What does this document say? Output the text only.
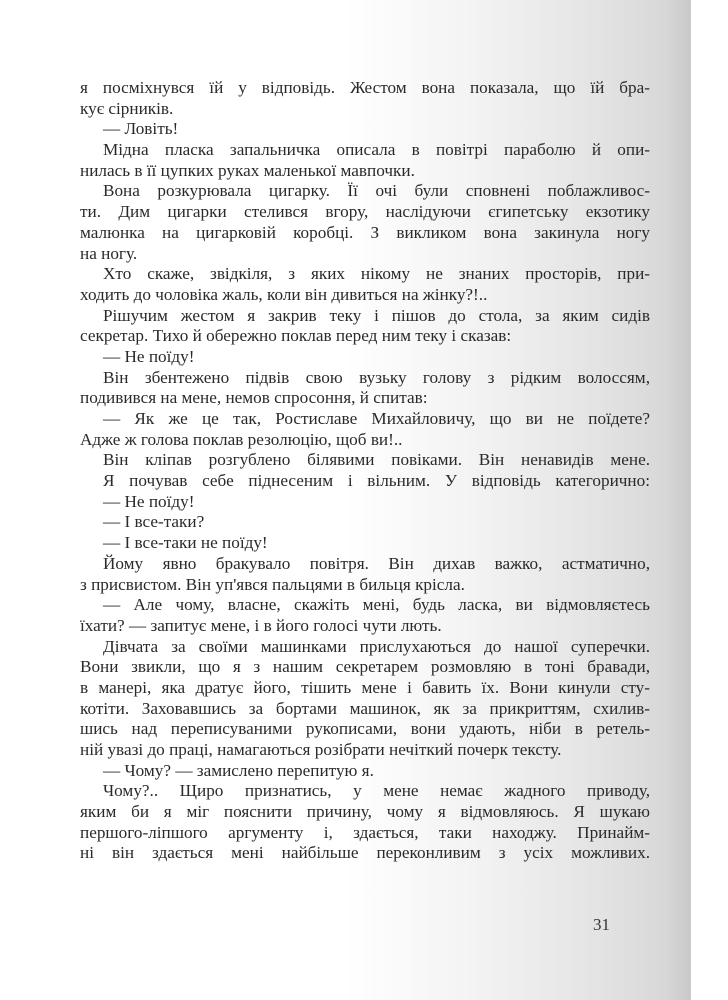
я посміхнувся їй у відповідь. Жестом вона показала, що їй бра-
кує сірників.
— Ловіть!
Мідна пласка запальничка описала в повітрі параболю й опи-
нилась в її цупких руках маленької мавпочки.
Вона розкурювала цигарку. Її очі були сповнені поблажливос-
ти. Дим цигарки стелився вгору, наслідуючи єгипетську екзотику
малюнка на цигарковій коробці. З викликом вона закинула ногу
на ногу.
Хто скаже, звідкіля, з яких нікому не знаних просторів, при-
ходить до чоловіка жаль, коли він дивиться на жінку?!..
Рішучим жестом я закрив теку і пішов до стола, за яким сидів
секретар. Тихо й обережно поклав перед ним теку і сказав:
— Не поїду!
Він збентежено підвів свою вузьку голову з рідким волоссям,
подивився на мене, немов спросоння, й спитав:
— Як же це так, Ростиславе Михайловичу, що ви не поїдете?
Адже ж голова поклав резолюцію, щоб ви!..
Він кліпав розгублено білявими повіками. Він ненавидів мене.
Я почував себе піднесеним і вільним. У відповідь категорично:
— Не поїду!
— І все-таки?
— І все-таки не поїду!
Йому явно бракувало повітря. Він дихав важко, астматично,
з присвистом. Він уп'явся пальцями в бильця крісла.
— Але чому, власне, скажіть мені, будь ласка, ви відмовляєтесь
їхати? — запитує мене, і в його голосі чути лють.
Дівчата за своїми машинками прислухаються до нашої суперечки.
Вони звикли, що я з нашим секретарем розмовляю в тоні бравади,
в манері, яка дратує його, тішить мене і бавить їх. Вони кинули сту-
котіти. Заховавшись за бортами машинок, як за прикриттям, схилив-
шись над переписуваними рукописами, вони удають, ніби в ретель-
ній увазі до праці, намагаються розібрати нечіткий почерк тексту.
— Чому? — замислено перепитую я.
Чому?.. Щиро признатись, у мене немає жадного приводу,
яким би я міг пояснити причину, чому я відмовляюсь. Я шукаю
першого-ліпшого аргументу і, здається, таки находжу. Принайм-
ні він здається мені найбільше переконливим з усіх можливих.
31
